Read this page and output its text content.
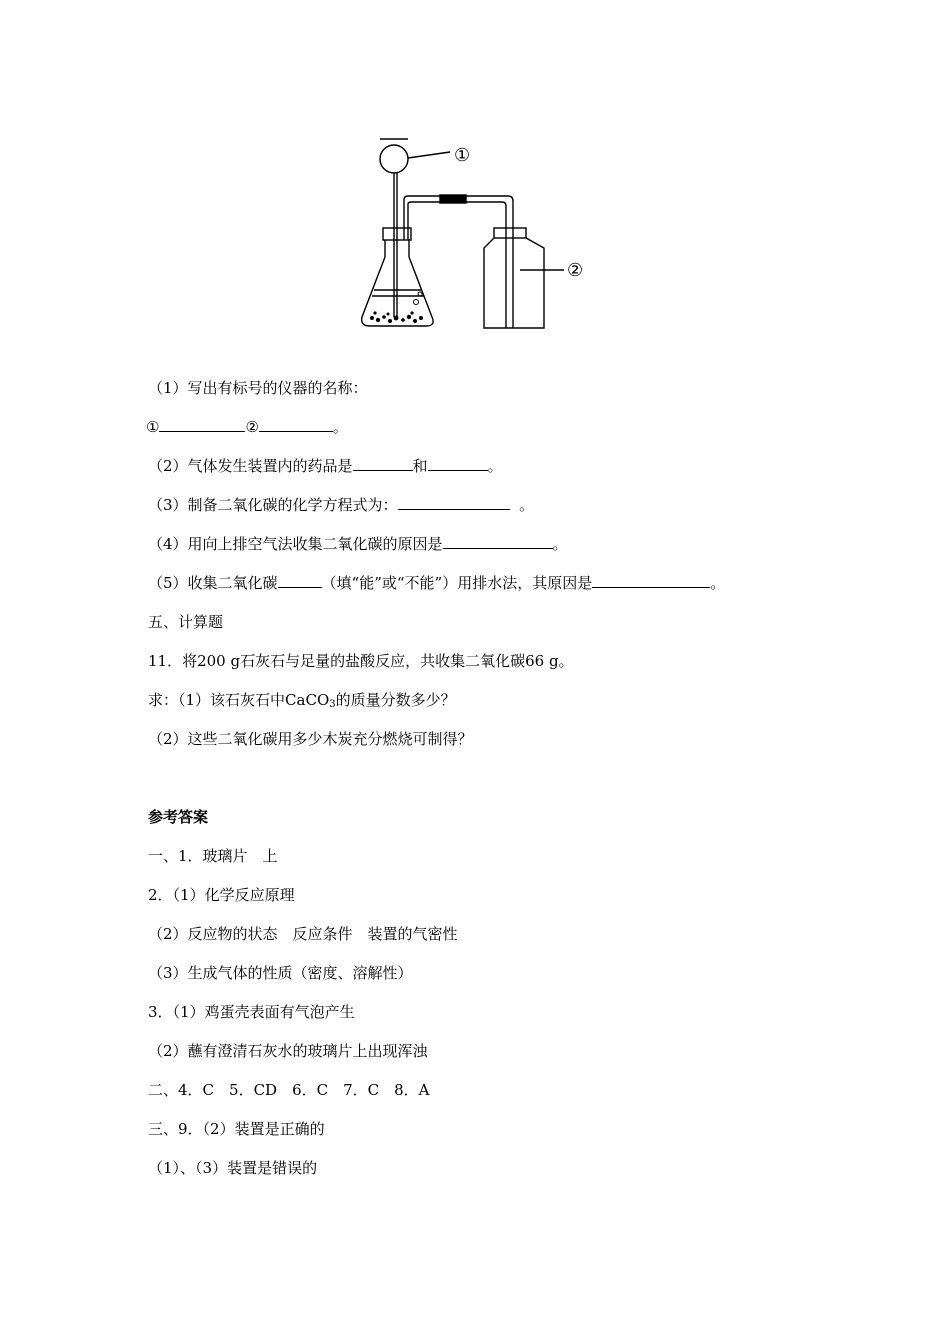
①
②
（1）写出有标号的仪器的名称：
①	②	。
（2）气体发生装置内的药品是	和	。
（3）制备二氧化碳的化学方程式为：	。
（4）用向上排空气法收集二氧化碳的原因是	。
（5）收集二氧化碳	（填“能”或“不能”）用排水法，其原因是	。
五、计算题
11．将200 g石灰石与足量的盐酸反应，共收集二氧化碳66 g。
求：（1）该石灰石中CaCO$_3$的质量分数多少？
（2）这些二氧化碳用多少木炭充分燃烧可制得？
参考答案
一、1．玻璃片　上
2．（1）化学反应原理
（2）反应物的状态　反应条件　装置的气密性
（3）生成气体的性质（密度、溶解性）
3．（1）鸡蛋壳表面有气泡产生
（2）蘸有澄清石灰水的玻璃片上出现浑浊
二、4．C　5．CD　6．C　7．C　8．A
三、9．（2）装置是正确的
（1）、（3）装置是错误的
